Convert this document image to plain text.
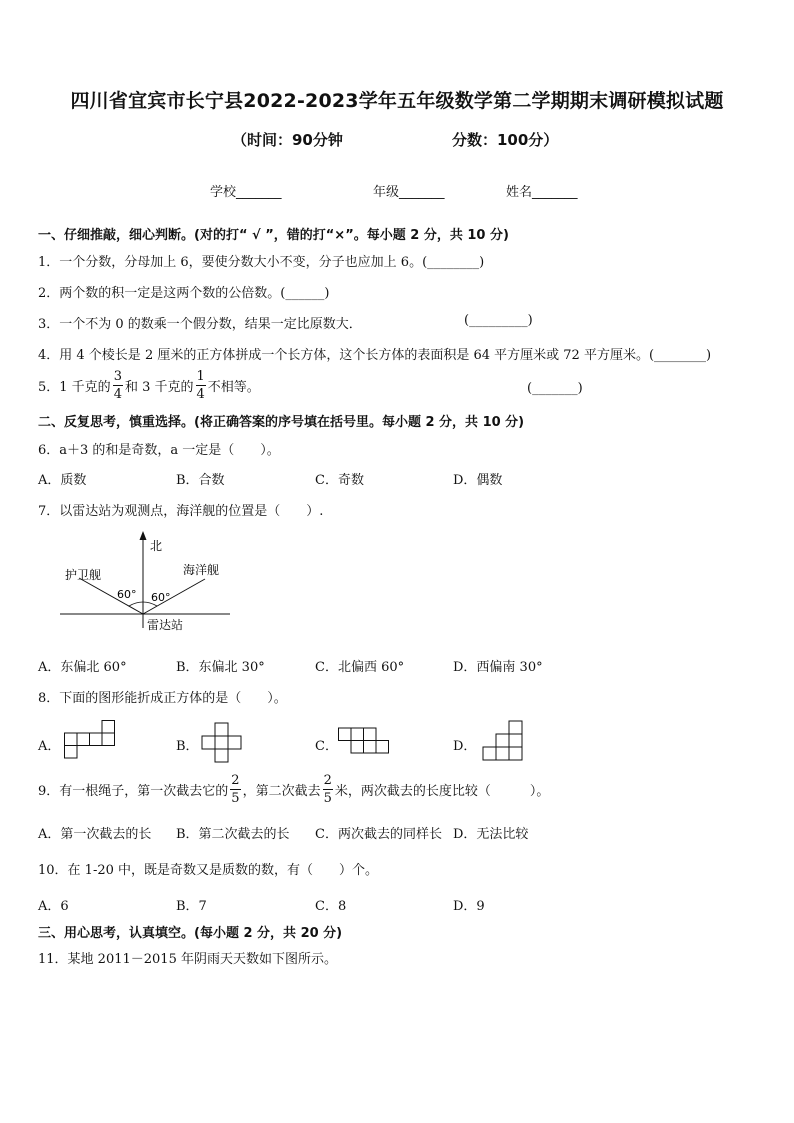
四川省宜宾市长宁县2022-2023学年五年级数学第二学期期末调研模拟试题
（时间：90分钟	分数：100分）
学校_______	年级_______	姓名_______
一、仔细推敲，细心判断。(对的打“ √ ”，错的打“×”。每小题 2 分，共 10 分)
1．一个分数，分母加上 6，要使分数大小不变，分子也应加上 6。(________)
2．两个数的积一定是这两个数的公倍数。(______)
3．一个不为 0 的数乘一个假分数，结果一定比原数大．	(_________)
4．用 4 个棱长是 2 厘米的正方体拼成一个长方体，这个长方体的表面积是 64 平方厘米或 72 平方厘米。(________)
5．1 千克的 $\frac{3}{4}$ 和 3 千克的 $\frac{1}{4}$ 不相等。	(_______)
二、反复思考，慎重选择。(将正确答案的序号填在括号里。每小题 2 分，共 10 分)
6．a＋3 的和是奇数，a 一定是（　　）。
A．质数	B．合数	C．奇数	D．偶数
7．以雷达站为观测点，海洋舰的位置是（　　）.
北
护卫舰	海洋舰
60° 60°
雷达站
A．东偏北 60°	B．东偏北 30°	C．北偏西 60°	D．西偏南 30°
8．下面的图形能折成正方体的是（　　）。
A．	B．	C．	D．
9．有一根绳子，第一次截去它的 $\frac{2}{5}$ ，第二次截去 $\frac{2}{5}$ 米，两次截去的长度比较（　　　）。
A．第一次截去的长 B．第二次截去的长 C．两次截去的同样长 D．无法比较
10．在 1-20 中，既是奇数又是质数的数，有（　　）个。
A．6	B．7	C．8	D．9
三、用心思考，认真填空。(每小题 2 分，共 20 分)
11．某地 2011－2015 年阴雨天天数如下图所示。
